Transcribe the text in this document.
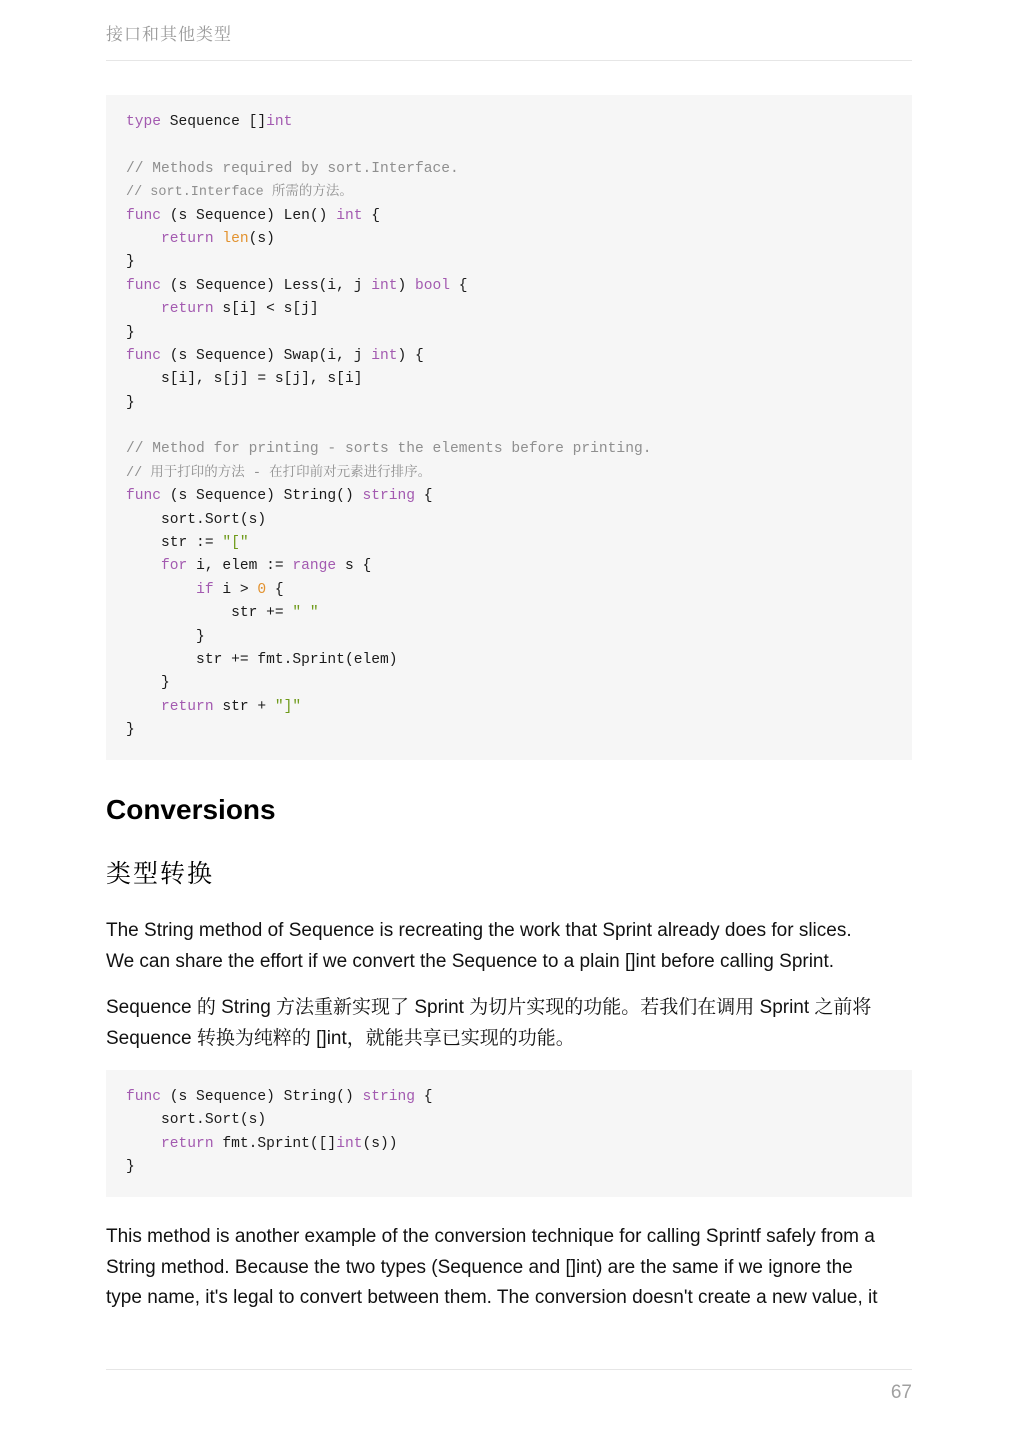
接口和其他类型
type Sequence []int
// Methods required by sort.Interface.
// sort.Interface 所需的方法。
func (s Sequence) Len() int {
return len(s)
}
func (s Sequence) Less(i, j int) bool {
return s[i] < s[j]
}
func (s Sequence) Swap(i, j int) {
s[i], s[j] = s[j], s[i]
}
// Method for printing - sorts the elements before printing.
// 用于打印的方法 - 在打印前对元素进行排序。
func (s Sequence) String() string {
sort.Sort(s)
str := "["
for i, elem := range s {
if i > 0 {
str += " "
}
str += fmt.Sprint(elem)
}
return str + "]"
}
Conversions
类型转换

The String method of Sequence is recreating the work that Sprint already does for slices.
We can share the effort if we convert the Sequence to a plain []int before calling Sprint.

Sequence 的 String 方法重新实现了 Sprint 为切片实现的功能。若我们在调用 Sprint 之前将
Sequence 转换为纯粹的 []int，就能共享已实现的功能。

func (s Sequence) String() string {
sort.Sort(s)
return fmt.Sprint([]int(s))
}

This method is another example of the conversion technique for calling Sprintf safely from a
String method. Because the two types (Sequence and []int) are the same if we ignore the
type name, it's legal to convert between them. The conversion doesn't create a new value, it

67
